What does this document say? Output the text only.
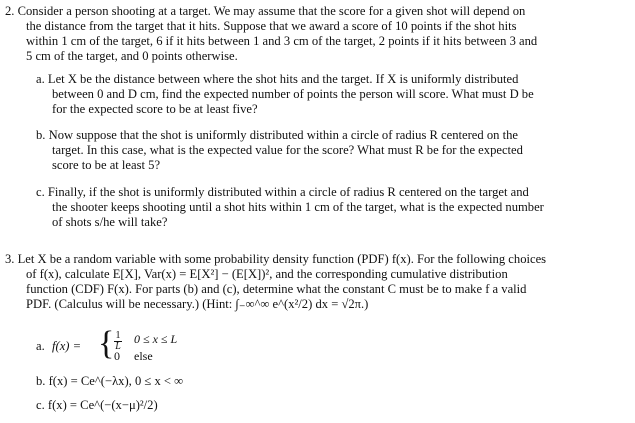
2. Consider a person shooting at a target. We may assume that the score for a given shot will depend on
the distance from the target that it hits. Suppose that we award a score of 10 points if the shot hits
within 1 cm of the target, 6 if it hits between 1 and 3 cm of the target, 2 points if it hits between 3 and
5 cm of the target, and 0 points otherwise.
a. Let X be the distance between where the shot hits and the target. If X is uniformly distributed
between 0 and D cm, find the expected number of points the person will score. What must D be
for the expected score to be at least five?
b. Now suppose that the shot is uniformly distributed within a circle of radius R centered on the
target. In this case, what is the expected value for the score? What must R be for the expected
score to be at least 5?
c. Finally, if the shot is uniformly distributed within a circle of radius R centered on the target and
the shooter keeps shooting until a shot hits within 1 cm of the target, what is the expected number
of shots s/he will take?
3. Let X be a random variable with some probability density function (PDF) f(x). For the following choices
of f(x), calculate E[X], Var(x) = E[X²] − (E[X])², and the corresponding cumulative distribution
function (CDF) F(x). For parts (b) and (c), determine what the constant C must be to make f a valid
PDF. (Calculus will be necessary.) (Hint: ∫₋∞^∞ e^(x²/2) dx = √2π.)
a. f(x) = { 1
L
0 ≤ x ≤ L
0 else
b. f(x) = Ce^(−λx), 0 ≤ x < ∞
c. f(x) = Ce^(−(x−μ)²/2)
